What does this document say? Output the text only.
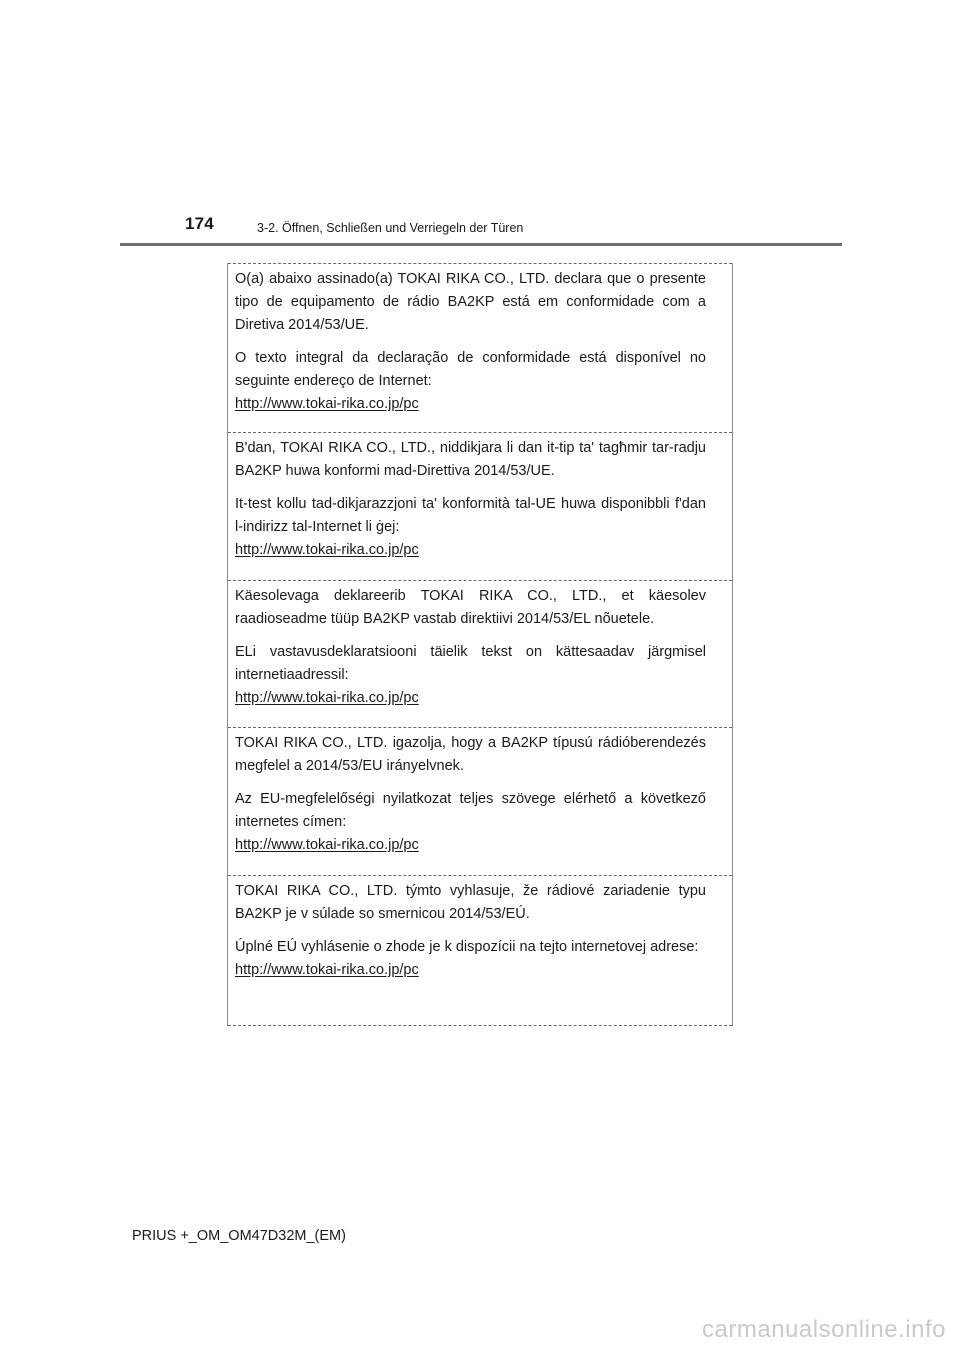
174	3-2. Öffnen, Schließen und Verriegeln der Türen

O(a) abaixo assinado(a) TOKAI RIKA CO., LTD. declara que o presente tipo de equipamento de rádio BA2KP está em conformidade com a Diretiva 2014/53/UE.

O texto integral da declaração de conformidade está disponível no seguinte endereço de Internet:

http://www.tokai-rika.co.jp/pc

B'dan, TOKAI RIKA CO., LTD., niddikjara li dan it-tip ta' tagħmir tar-radju BA2KP huwa konformi mad-Direttiva 2014/53/UE.

It-test kollu tad-dikjarazzjoni ta' konformità tal-UE huwa disponibbli f'dan l-indirizz tal-Internet li ġej:

http://www.tokai-rika.co.jp/pc

Käesolevaga deklareerib TOKAI RIKA CO., LTD., et käesolev raadioseadme tüüp BA2KP vastab direktiivi 2014/53/EL nõuetele.

ELi vastavusdeklaratsiooni täielik tekst on kättesaadav järgmisel internetiaadressil:

http://www.tokai-rika.co.jp/pc

TOKAI RIKA CO., LTD. igazolja, hogy a BA2KP típusú rádióberendezés megfelel a 2014/53/EU irányelvnek.

Az EU-megfelelőségi nyilatkozat teljes szövege elérhető a következő internetes címen:

http://www.tokai-rika.co.jp/pc

TOKAI RIKA CO., LTD. týmto vyhlasuje, že rádiové zariadenie typu BA2KP je v súlade so smernicou 2014/53/EÚ.

Úplné EÚ vyhlásenie o zhode je k dispozícii na tejto internetovej adrese:

http://www.tokai-rika.co.jp/pc
PRIUS +_OM_OM47D32M_(EM)
carmanualsonline.info
